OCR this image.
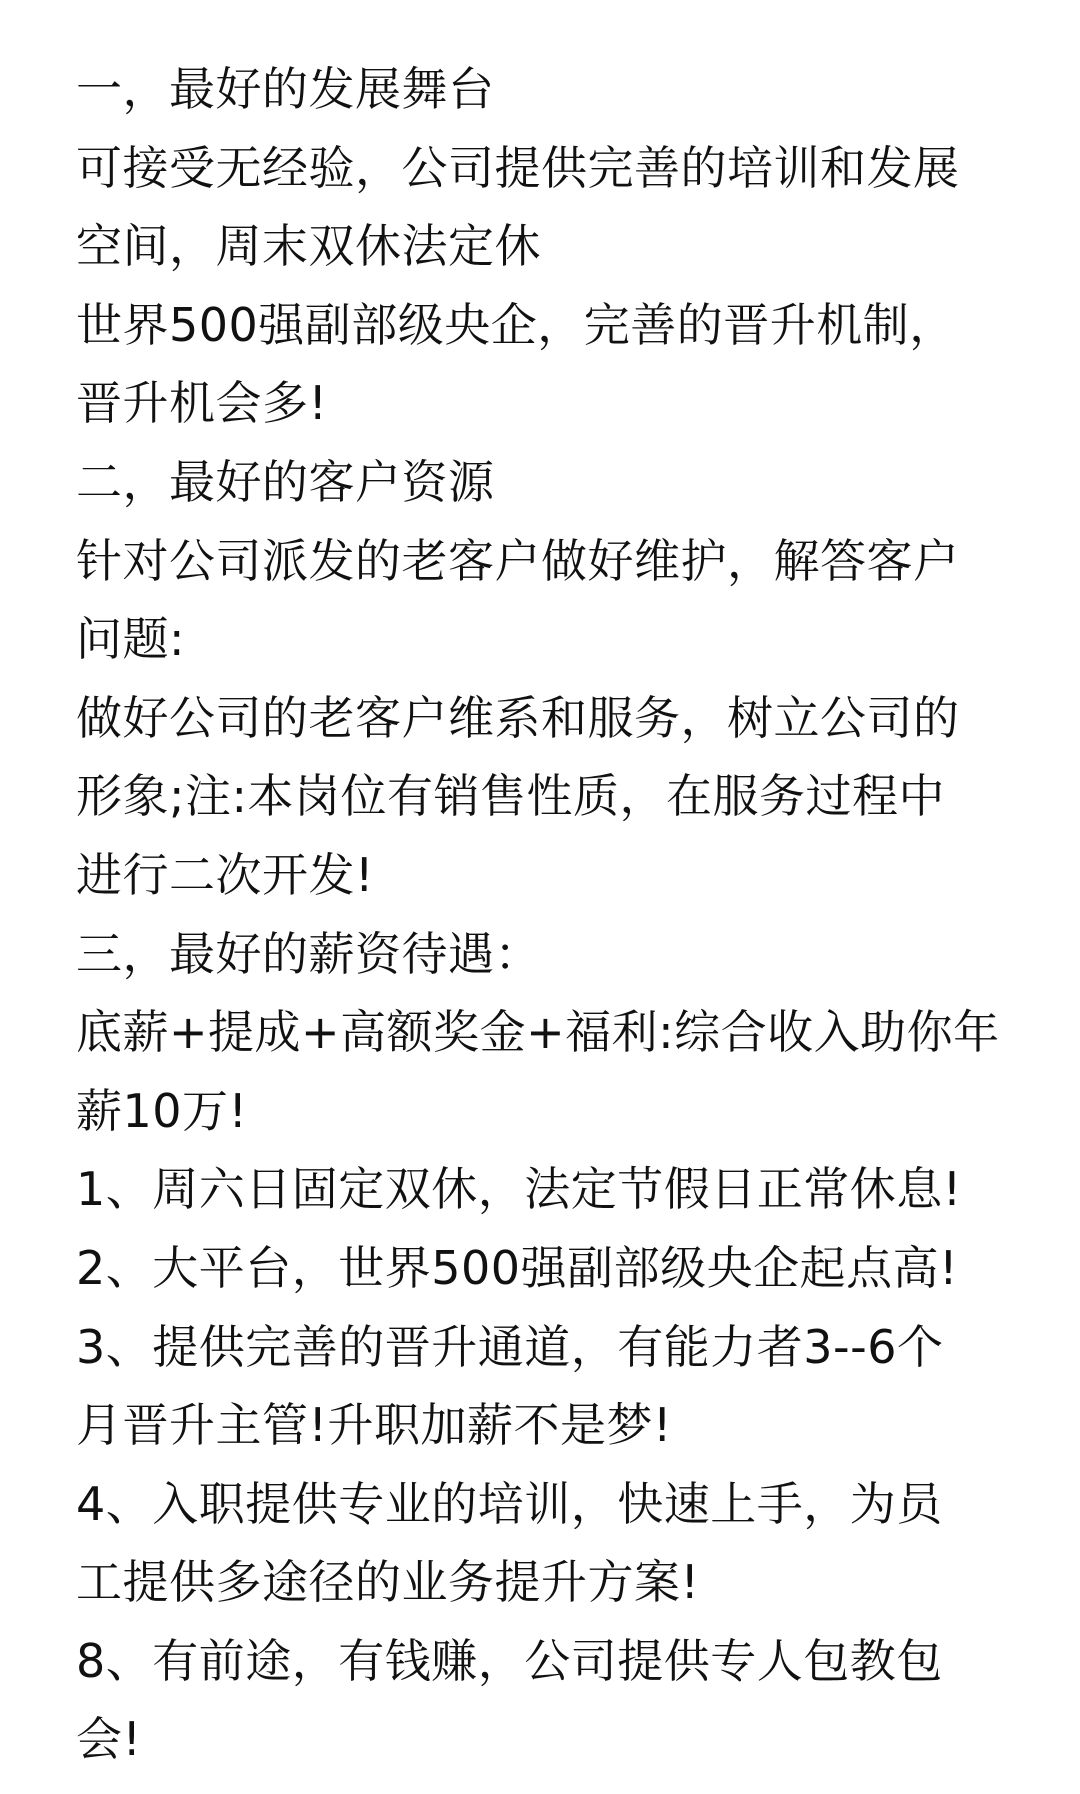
一，最好的发展舞台
可接受无经验，公司提供完善的培训和发展
空间，周末双休法定休
世界500强副部级央企，完善的晋升机制，
晋升机会多!
二，最好的客户资源
针对公司派发的老客户做好维护，解答客户
问题:
做好公司的老客户维系和服务，树立公司的
形象;注:本岗位有销售性质，在服务过程中
进行二次开发!
三，最好的薪资待遇：
底薪+提成+高额奖金+福利:综合收入助你年
薪10万!
1、周六日固定双休，法定节假日正常休息!
2、大平台，世界500强副部级央企起点高!
3、提供完善的晋升通道，有能力者3--6个
月晋升主管!升职加薪不是梦!
4、入职提供专业的培训，快速上手，为员
工提供多途径的业务提升方案!
8、有前途，有钱赚，公司提供专人包教包
会!
